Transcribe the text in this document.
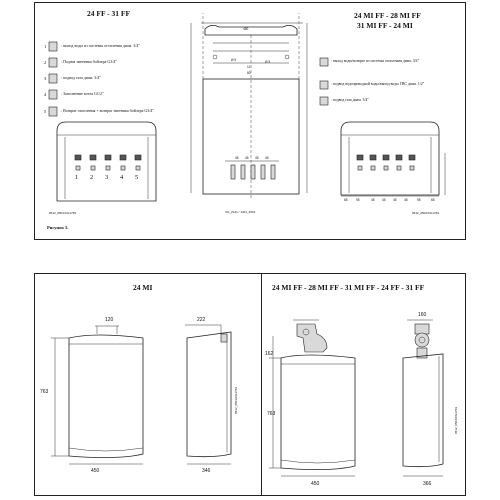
24 FF - 31 FF	24 MI FF - 28 MI FF
31 MI FF - 24 MI
: выход воды из системы отопления диам. 3/4"
: Подача змеевика бойлера G3/4"
: подвод газа диам. 3/4"
: Заполнение котла G1/2"
: Возврат отопления + возврат змеевика бойлера G3/4"
1
2
3
4
5
: выход воды/возврат из системы отопления диам. 3/4"
: подвод водопроводной воды/выход воды ГВС диам. 1/2"
: подвод газа диам. 3/4"
1 2 3 4 5
0512_0501/CG1769	CG_2121 / 1401_2501	0512_0502/CG1769
Рисунок 5.
450
Ø 5	Ø 5
11
80
45 45 45 45
65	95	45 45 45 45	95	65
24 MI	24 MI FF - 28 MI FF - 31 MI FF - 24 FF - 31 FF
120	222
763
450	346
0512_0503/CG1769
160
162
763
450	366
0512_0504/CG1769
